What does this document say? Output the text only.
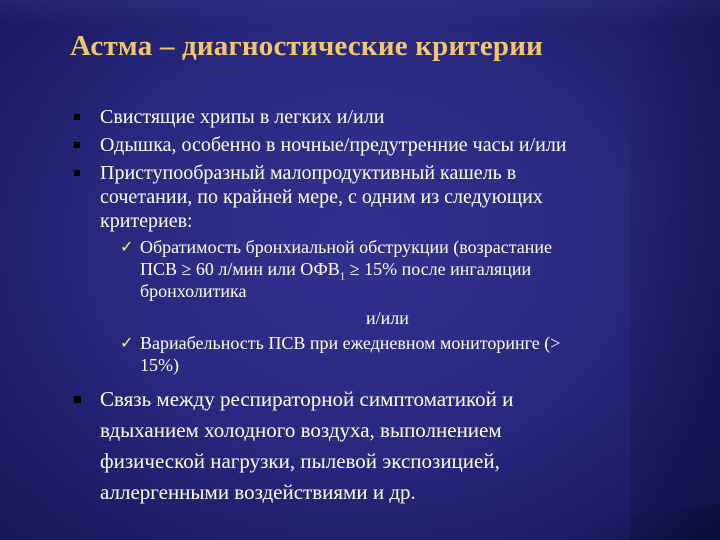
Астма – диагностические критерии
Свистящие хрипы в легких и/или
Одышка, особенно в ночные/предутренние часы и/или
Приступообразный малопродуктивный кашель в
сочетании, по крайней мере, с одним из следующих
критериев:
✓ Обратимость бронхиальной обструкции (возрастание
ПСВ ≥ 60 л/мин или $ОФВ_1 \ge 15\%$ после ингаляции
бронхолитика
и/или
✓ Вариабельность ПСВ при ежедневном мониторинге (>
15%)
Связь между респираторной симптоматикой и
вдыханием холодного воздуха, выполнением
физической нагрузки, пылевой экспозицией,
аллергенными воздействиями и др.
